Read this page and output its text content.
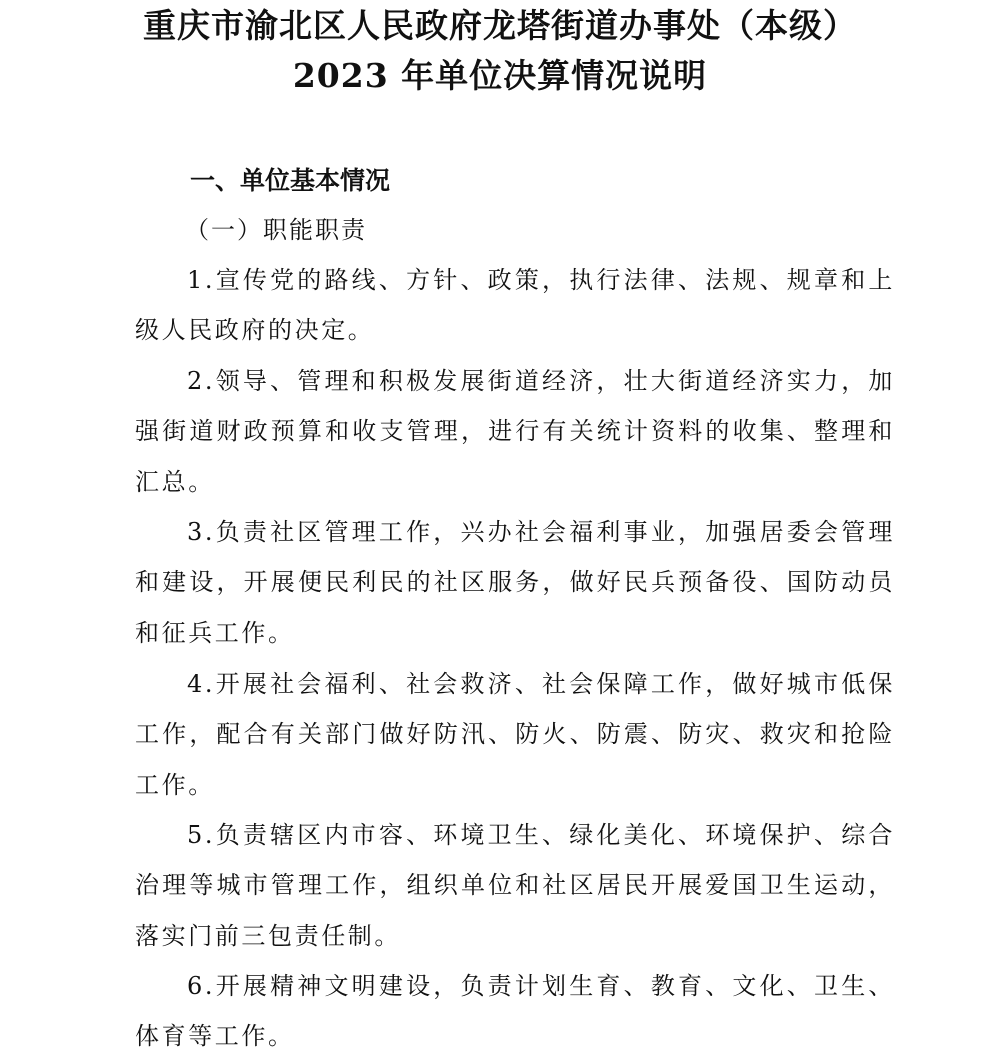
重庆市渝北区人民政府龙塔街道办事处（本级）
2023 年单位决算情况说明
一、单位基本情况
（一）职能职责

1.宣传党的路线、方针、政策，执行法律、法规、规章和上级人民政府的决定。

2.领导、管理和积极发展街道经济，壮大街道经济实力，加强街道财政预算和收支管理，进行有关统计资料的收集、整理和汇总。

3.负责社区管理工作，兴办社会福利事业，加强居委会管理和建设，开展便民利民的社区服务，做好民兵预备役、国防动员和征兵工作。

4.开展社会福利、社会救济、社会保障工作，做好城市低保工作，配合有关部门做好防汛、防火、防震、防灾、救灾和抢险工作。

5.负责辖区内市容、环境卫生、绿化美化、环境保护、综合治理等城市管理工作，组织单位和社区居民开展爱国卫生运动，落实门前三包责任制。

6.开展精神文明建设，负责计划生育、教育、文化、卫生、体育等工作。
